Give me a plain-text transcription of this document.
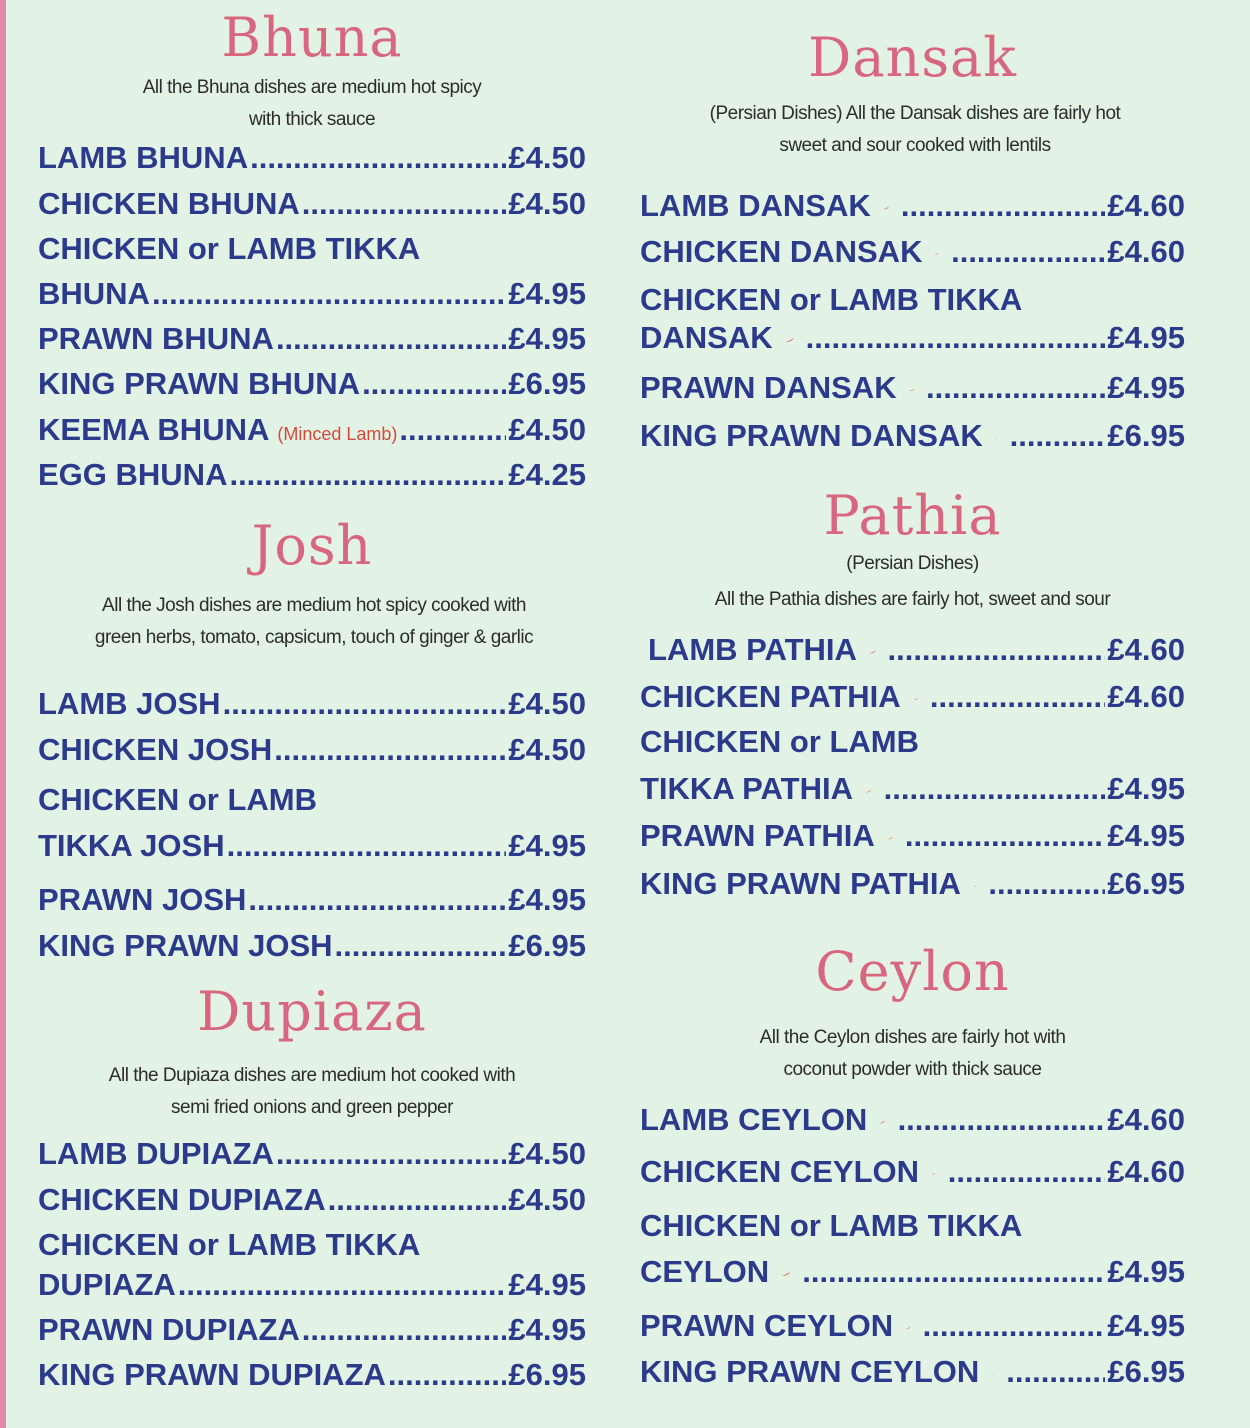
Bhuna
All the Bhuna dishes are medium hot spicy
with thick sauce
LAMB BHUNA .....	£4.50
CHICKEN BHUNA .....	£4.50
CHICKEN or LAMB TIKKA
BHUNA .....	£4.95
PRAWN BHUNA .....	£4.95
KING PRAWN BHUNA .....	£6.95
KEEMA BHUNA (Minced Lamb) .....	£4.50
EGG BHUNA .....	£4.25
Josh
All the Josh dishes are medium hot spicy cooked with
green herbs, tomato, capsicum, touch of ginger & garlic
LAMB JOSH .....	£4.50
CHICKEN JOSH .....	£4.50
CHICKEN or LAMB
TIKKA JOSH .....	£4.95
PRAWN JOSH .....	£4.95
KING PRAWN JOSH .....	£6.95
Dupiaza
All the Dupiaza dishes are medium hot cooked with
semi fried onions and green pepper
LAMB DUPIAZA .....	£4.50
CHICKEN DUPIAZA .....	£4.50
CHICKEN or LAMB TIKKA
DUPIAZA .....	£4.95
PRAWN DUPIAZA .....	£4.95
KING PRAWN DUPIAZA .....	£6.95
Dansak
(Persian Dishes) All the Dansak dishes are fairly hot
sweet and sour cooked with lentils
LAMB DANSAK .....	£4.60
CHICKEN DANSAK .....	£4.60
CHICKEN or LAMB TIKKA
DANSAK .....	£4.95
PRAWN DANSAK .....	£4.95
KING PRAWN DANSAK .....	£6.95
Pathia
(Persian Dishes)
All the Pathia dishes are fairly hot, sweet and sour
LAMB PATHIA .....	£4.60
CHICKEN PATHIA .....	£4.60
CHICKEN or LAMB
TIKKA PATHIA .....	£4.95
PRAWN PATHIA .....	£4.95
KING PRAWN PATHIA .....	£6.95
Ceylon
All the Ceylon dishes are fairly hot with
coconut powder with thick sauce
LAMB CEYLON .....	£4.60
CHICKEN CEYLON .....	£4.60
CHICKEN or LAMB TIKKA
CEYLON .....	£4.95
PRAWN CEYLON .....	£4.95
KING PRAWN CEYLON .....	£6.95
